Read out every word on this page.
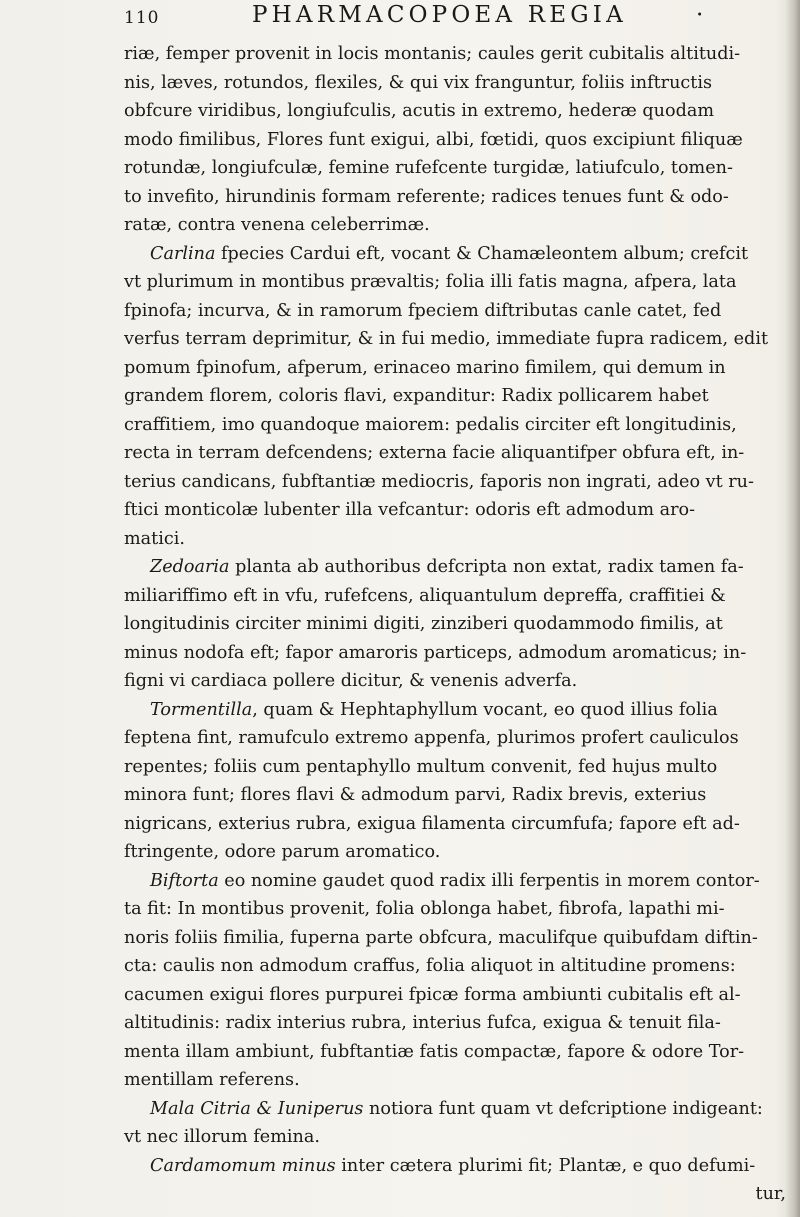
110	PHARMACOPOEA REGIA	·
riæ, femper provenit in locis montanis; caules gerit cubitalis altitudi-
nis, læves, rotundos, flexiles, & qui vix franguntur, foliis inftructis
obfcure viridibus, longiufculis, acutis in extremo, hederæ quodam
modo fimilibus, Flores funt exigui, albi, fœtidi, quos excipiunt filiquæ
rotundæ, longiufculæ, femine rufefcente turgidæ, latiufculo, tomen-
to invefito, hirundinis formam referente; radices tenues funt & odo-
ratæ, contra venena celeberrimæ.
Carlina fpecies Cardui eft, vocant & Chamæleontem album; crefcit
vt plurimum in montibus prævaltis; folia illi fatis magna, afpera, lata
fpinofa; incurva, & in ramorum fpeciem diftributas canle catet, fed
verfus terram deprimitur, & in fui medio, immediate fupra radicem, edit
pomum fpinofum, afperum, erinaceo marino fimilem, qui demum in
grandem florem, coloris flavi, expanditur: Radix pollicarem habet
craffitiem, imo quandoque maiorem: pedalis circiter eft longitudinis,
recta in terram defcendens; externa facie aliquantifper obfura eft, in-
terius candicans, fubftantiæ mediocris, faporis non ingrati, adeo vt ru-
ftici monticolæ lubenter illa vefcantur: odoris eft admodum aro-
matici.
Zedoaria planta ab authoribus defcripta non extat, radix tamen fa-
miliariffimo eft in vfu, rufefcens, aliquantulum depreffa, craffitiei &
longitudinis circiter minimi digiti, zinziberi quodammodo fimilis, at
minus nodofa eft; fapor amaroris particeps, admodum aromaticus; in-
figni vi cardiaca pollere dicitur, & venenis adverfa.
Tormentilla, quam & Hephtaphyllum vocant, eo quod illius folia
feptena fint, ramufculo extremo appenfa, plurimos profert cauliculos
repentes; foliis cum pentaphyllo multum convenit, fed hujus multo
minora funt; flores flavi & admodum parvi, Radix brevis, exterius
nigricans, exterius rubra, exigua filamenta circumfufa; fapore eft ad-
ftringente, odore parum aromatico.
Biftorta eo nomine gaudet quod radix illi ferpentis in morem contor-
ta fit: In montibus provenit, folia oblonga habet, fibrofa, lapathi mi-
noris foliis fimilia, fuperna parte obfcura, maculifque quibufdam diftin-
cta: caulis non admodum craffus, folia aliquot in altitudine promens:
cacumen exigui flores purpurei fpicæ forma ambiunti cubitalis eft al-
altitudinis: radix interius rubra, interius fufca, exigua & tenuit fila-
menta illam ambiunt, fubftantiæ fatis compactæ, fapore & odore Tor-
mentillam referens.
Mala Citria & Iuniperus notiora funt quam vt defcriptione indigeant:
vt nec illorum femina.
Cardamomum minus inter cætera plurimi fit; Plantæ, e quo defumi-
tur,
